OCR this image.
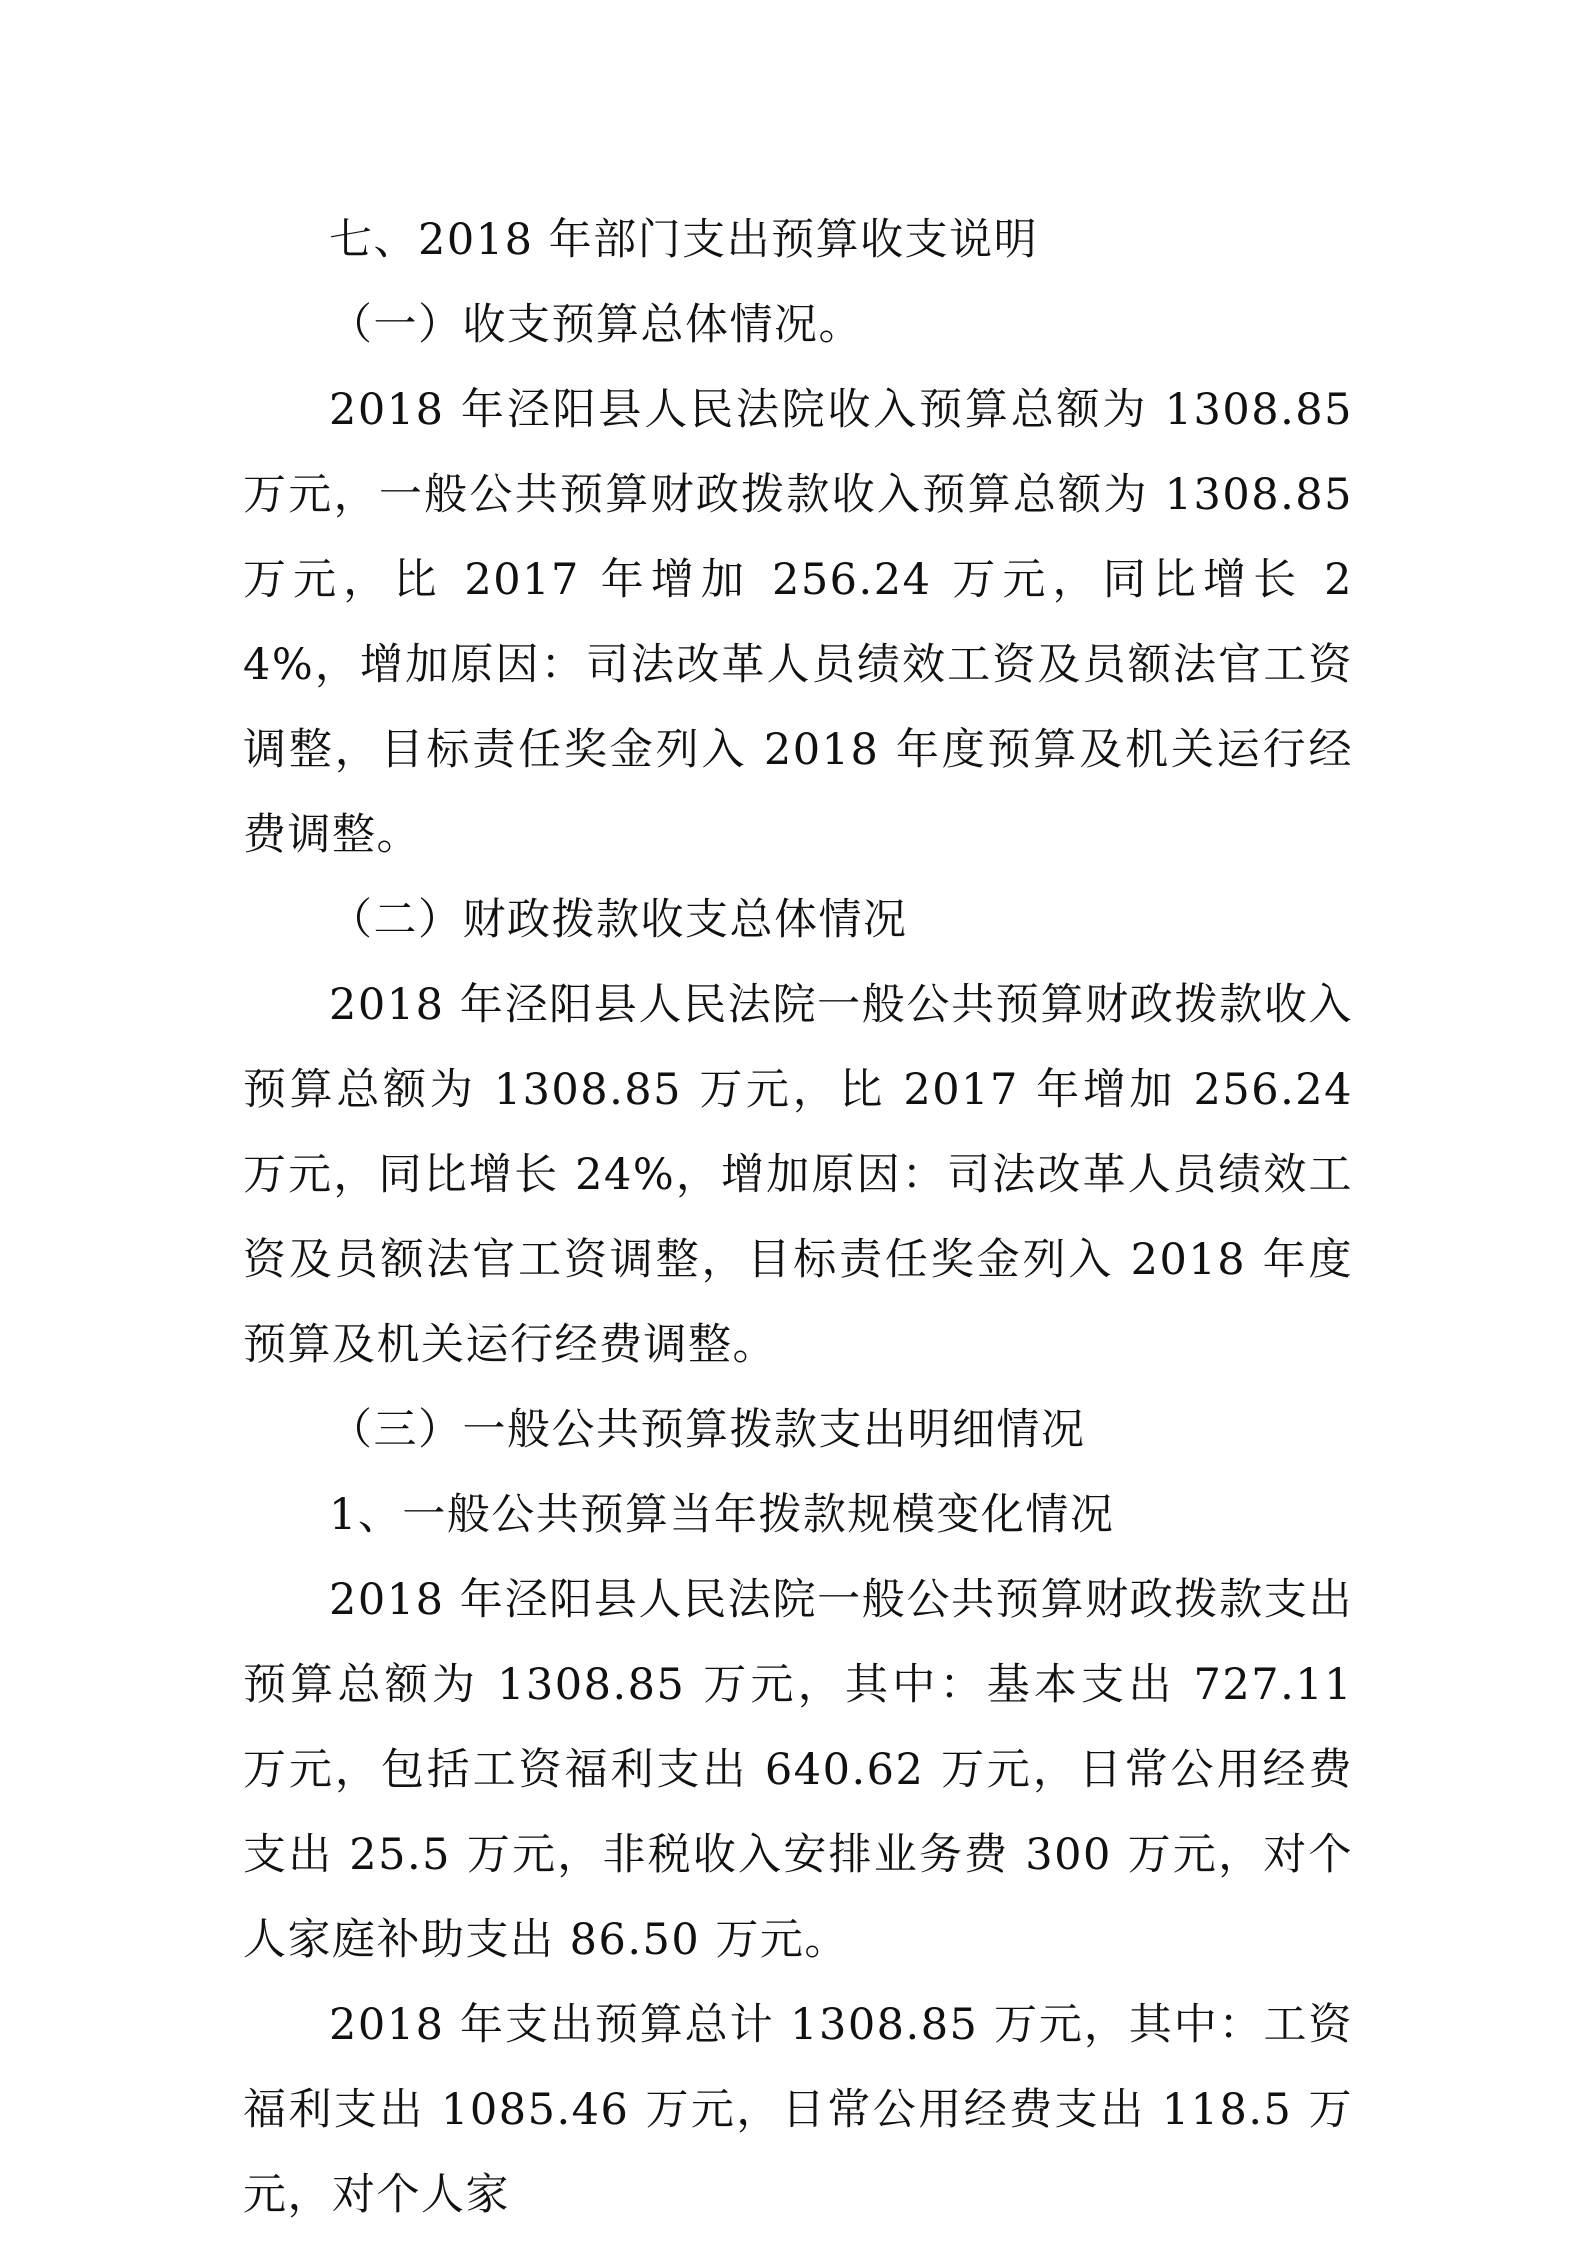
七、2018 年部门支出预算收支说明

（一）收支预算总体情况。

2018 年泾阳县人民法院收入预算总额为 1308.85 万元，一般公共预算财政拨款收入预算总额为 1308.85 万元，比 2017 年增加 256.24 万元，同比增长 24%，增加原因：司法改革人员绩效工资及员额法官工资调整，目标责任奖金列入 2018 年度预算及机关运行经费调整。

（二）财政拨款收支总体情况

2018 年泾阳县人民法院一般公共预算财政拨款收入预算总额为 1308.85 万元，比 2017 年增加 256.24 万元，同比增长 24%，增加原因：司法改革人员绩效工资及员额法官工资调整，目标责任奖金列入 2018 年度预算及机关运行经费调整。

（三）一般公共预算拨款支出明细情况

1、一般公共预算当年拨款规模变化情况

2018 年泾阳县人民法院一般公共预算财政拨款支出预算总额为 1308.85 万元，其中：基本支出 727.11 万元，包括工资福利支出 640.62 万元，日常公用经费支出 25.5 万元，非税收入安排业务费 300 万元，对个人家庭补助支出 86.50 万元。

2018 年支出预算总计 1308.85 万元，其中：工资福利支出 1085.46 万元，日常公用经费支出 118.5 万元，对个人家
